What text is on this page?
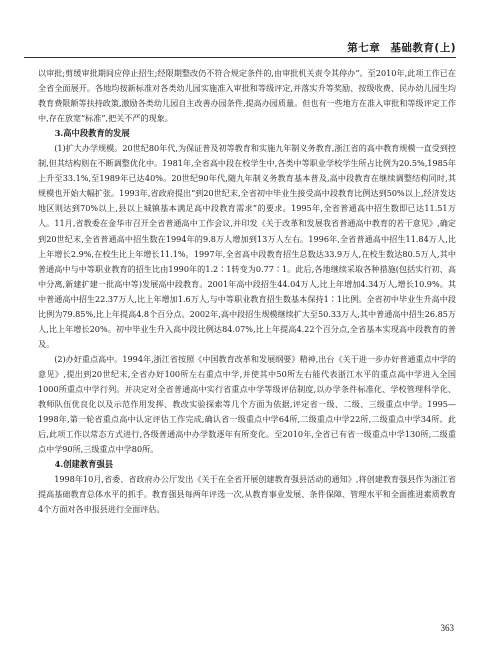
第七章 基础教育(上)

以审批;剪缓审批期间应停止招生;经限期整改仍不符合规定条件的,由审批机关责令其停办”。至2010年,此项工作已在全省全面展开。各地均按新标准对各类幼儿园实施准入审批和等级评定,并落实升等奖励、按级收费、民办幼儿园生均教育费限额等扶持政策,激励各类幼儿园自主改善办园条件,提高办园质量。但也有一些地方在准入审批和等级评定工作中,存在放宽“标准”,把关不严的现象。

3.高中段教育的发展

(1)扩大办学规模。20世纪80年代,为保证普及初等教育和实施九年制义务教育,浙江省的高中教育规模一直受到控制,但其结构则在不断调整优化中。1981年,全省高中段在校学生中,各类中等职业学校学生所占比例为20.5%,1985年上升至33.1%,至1989年已达40%。20世纪90年代,随九年制义务教育基本普及,高中段教育在继续调整结构同时,其规模也开始大幅扩张。1993年,省政府提出“到20世纪末,全省初中毕业生接受高中段教育比例达到50%以上,经济发达地区则达到70%以上,县以上城镇基本满足高中段教育需求”的要求。1995年,全省普通高中招生数即已达11.51万人。11月,省教委在金华市召开全省普通高中工作会议,并印发《关于改革和发展我省普通高中教育的若干意见》,确定到20世纪末,全省普通高中招生数在1994年的9.8万人增加到13万人左右。1996年,全省普通高中招生11.84万人,比上年增长2.9%,在校生比上年增长11.1%。1997年,全省高中段教育招生总数达33.9万人,在校生数达80.5万人,其中普通高中与中等职业教育的招生比由1990年的1.2∶1转变为0.77∶1。此后,各地继续采取各种措施(包括实行初、高中分离,新建扩建一批高中等)发展高中段教育。2001年高中段招生44.04万人,比上年增加4.34万人,增长10.9%。其中普通高中招生22.37万人,比上年增加1.6万人,与中等职业教育招生数基本保持1∶1比例。全省初中毕业生升高中段比例为79.85%,比上年提高4.8个百分点。2002年,高中段招生规模继续扩大至50.33万人,其中普通高中招生26.85万人,比上年增长20%。初中毕业生升入高中段比例达84.07%,比上年提高4.22个百分点,全省基本实现高中段教育的普及。

(2)办好重点高中。1994年,浙江省按照《中国教育改革和发展纲要》精神,出台《关于进一步办好普通重点中学的意见》,提出到20世纪末,全省办好100所左右重点中学,并使其中50所左右能代表浙江水平的重点高中学进入全国1000所重点中学行列。并决定对全省普通高中实行省重点中学等级评估制度,以办学条件标准化、学校管理科学化、教师队伍优良化以及示范作用发挥、教改实验探索等几个方面为依据,评定省一级、二级、三级重点中学。1995—1998年,第一轮省重点高中认定评估工作完成,确认省一级重点中学64所,二级重点中学22所,二级重点中学34所。此后,此项工作以常态方式进行,各级普通高中办学数逐年有所变化。至2010年,全省已有省一级重点中学130所,二级重点中学90所,三级重点中学80所。

4.创建教育强县

1998年10月,省委、省政府办公厅发出《关于在全省开展创建教育强县活动的通知》,将创建教育强县作为浙江省提高基础教育总体水平的抓手。教育强县每两年评选一次,从教育事业发展、条件保障、管理水平和全面推进素质教育4个方面对各申报县进行全面评估。

363
